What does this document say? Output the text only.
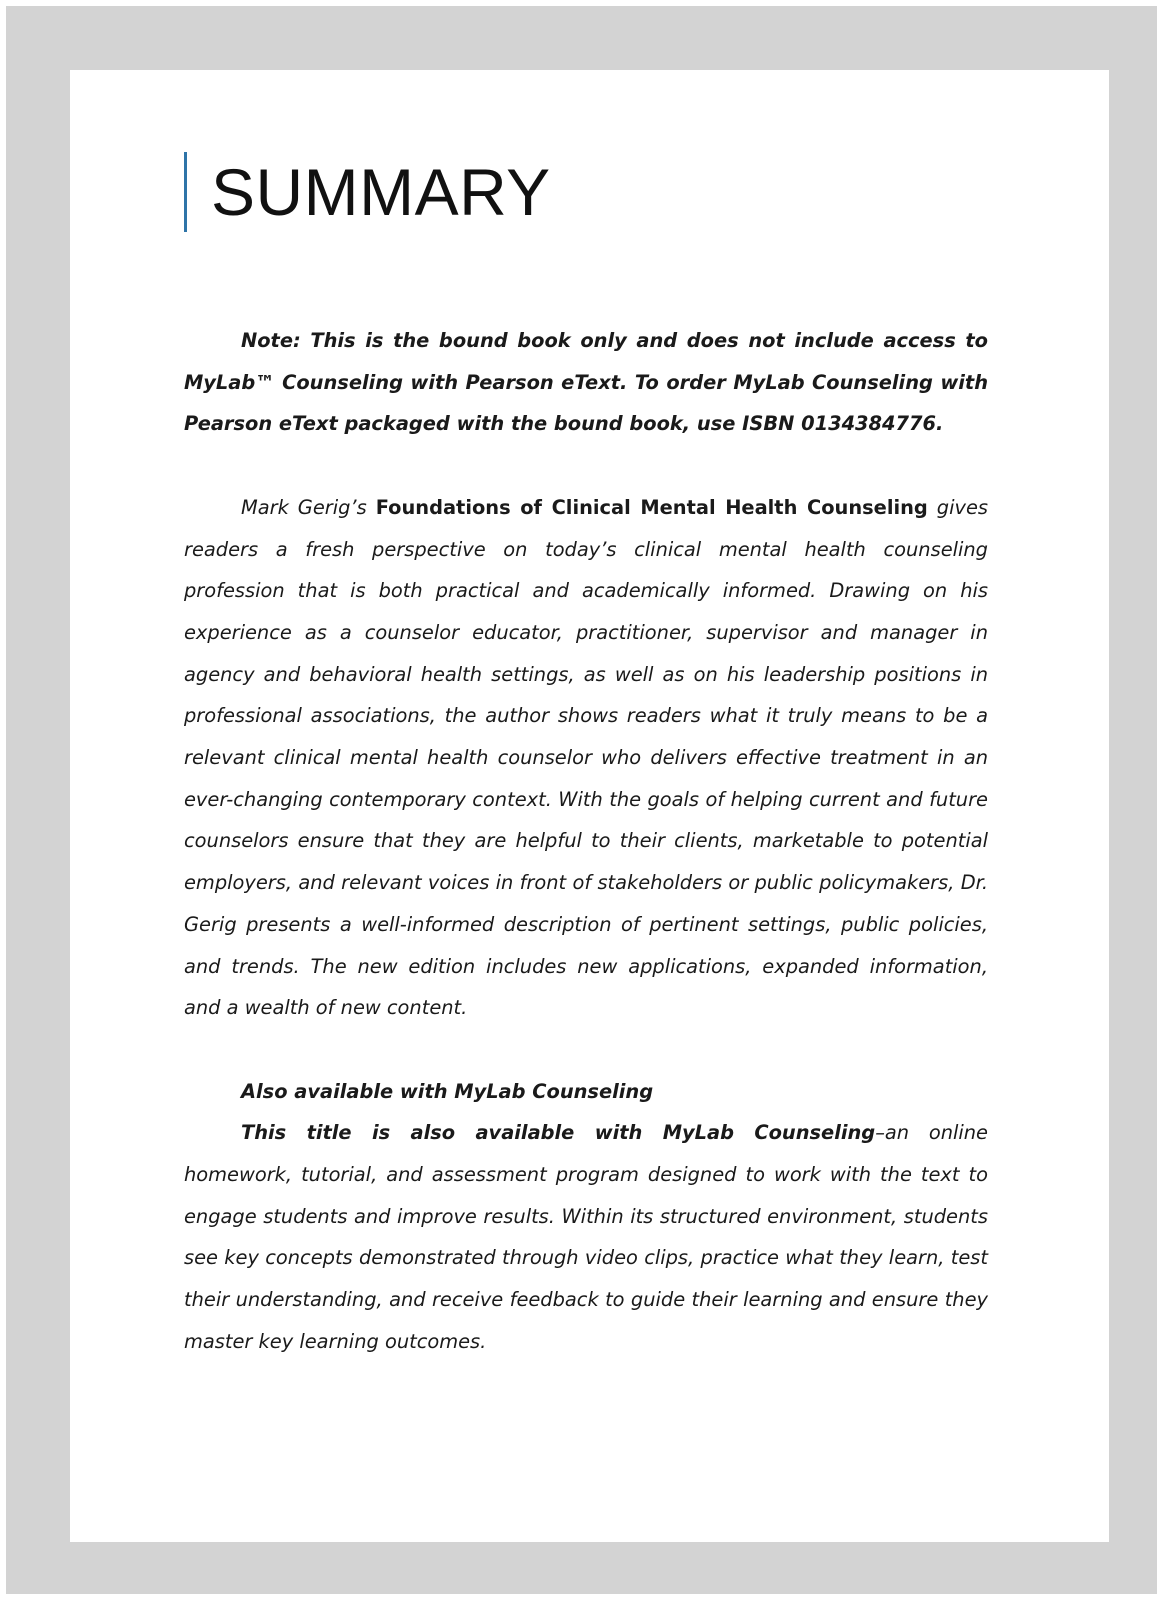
SUMMARY

Note: This is the bound book only and does not include access to MyLab™ Counseling with Pearson eText. To order MyLab Counseling with Pearson eText packaged with the bound book, use ISBN 0134384776.

Mark Gerig’s Foundations of Clinical Mental Health Counseling gives readers a fresh perspective on today’s clinical mental health counseling profession that is both practical and academically informed. Drawing on his experience as a counselor educator, practitioner, supervisor and manager in agency and behavioral health settings, as well as on his leadership positions in professional associations, the author shows readers what it truly means to be a relevant clinical mental health counselor who delivers effective treatment in an ever-changing contemporary context. With the goals of helping current and future counselors ensure that they are helpful to their clients, marketable to potential employers, and relevant voices in front of stakeholders or public policymakers, Dr. Gerig presents a well-informed description of pertinent settings, public policies, and trends. The new edition includes new applications, expanded information, and a wealth of new content.

Also available with MyLab Counseling

This title is also available with MyLab Counseling–an online homework, tutorial, and assessment program designed to work with the text to engage students and improve results. Within its structured environment, students see key concepts demonstrated through video clips, practice what they learn, test their understanding, and receive feedback to guide their learning and ensure they master key learning outcomes.
